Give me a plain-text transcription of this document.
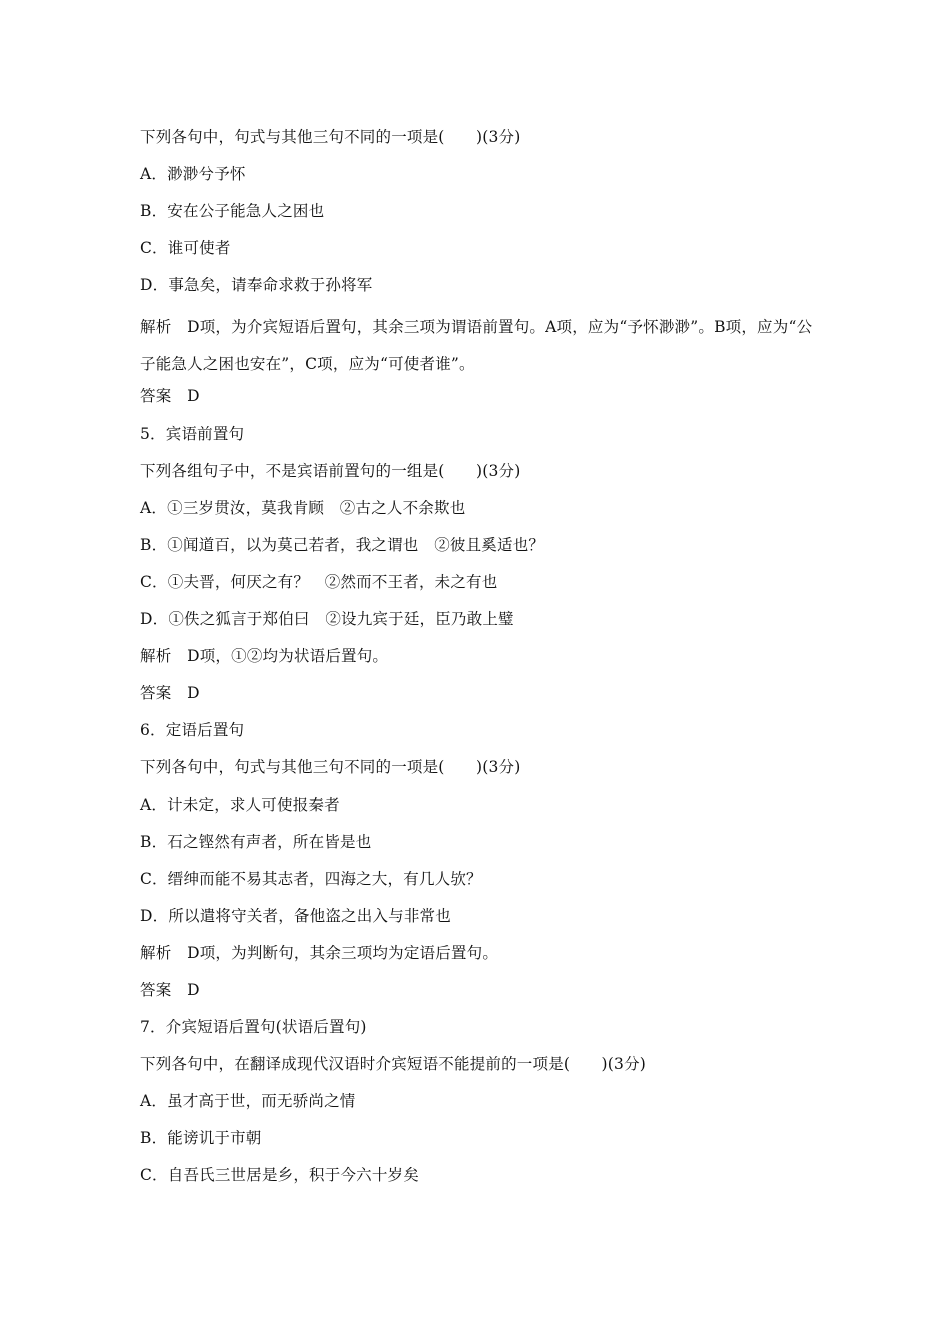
下列各句中，句式与其他三句不同的一项是(　　)(3分)
A．渺渺兮予怀
B．安在公子能急人之困也
C．谁可使者
D．事急矣，请奉命求救于孙将军
解析　D项，为介宾短语后置句，其余三项为谓语前置句。A项，应为“予怀渺渺”。B项，应为“公子能急人之困也安在”，C项，应为“可使者谁”。
答案　D
5．宾语前置句
下列各组句子中，不是宾语前置句的一组是(　　)(3分)
A．①三岁贯汝，莫我肯顾　②古之人不余欺也
B．①闻道百，以为莫己若者，我之谓也　②彼且奚适也？
C．①夫晋，何厌之有？　②然而不王者，未之有也
D．①佚之狐言于郑伯曰　②设九宾于廷，臣乃敢上璧
解析　D项，①②均为状语后置句。
答案　D
6．定语后置句
下列各句中，句式与其他三句不同的一项是(　　)(3分)
A．计未定，求人可使报秦者
B．石之铿然有声者，所在皆是也
C．缙绅而能不易其志者，四海之大，有几人欤？
D．所以遣将守关者，备他盗之出入与非常也
解析　D项，为判断句，其余三项均为定语后置句。
答案　D
7．介宾短语后置句(状语后置句)
下列各句中，在翻译成现代汉语时介宾短语不能提前的一项是(　　)(3分)
A．虽才高于世，而无骄尚之情
B．能谤讥于市朝
C．自吾氏三世居是乡，积于今六十岁矣
